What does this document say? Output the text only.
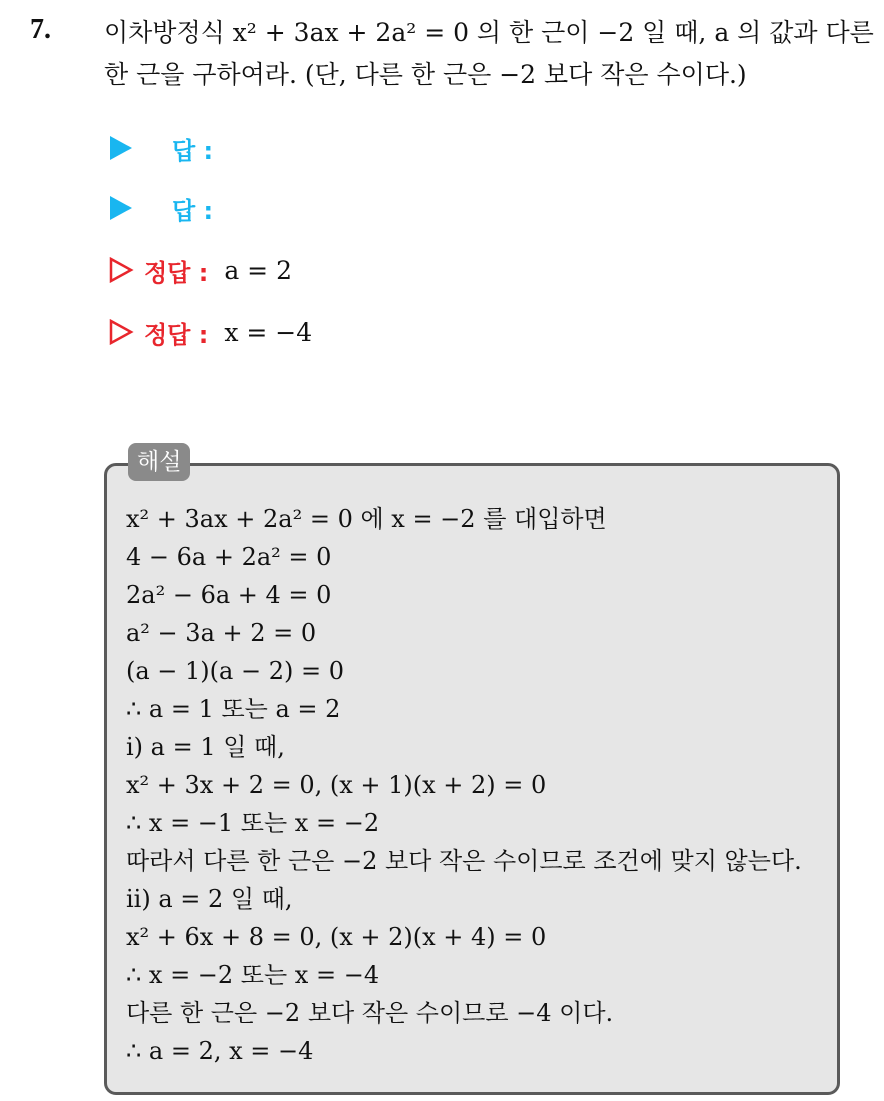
7. 이차방정식 x² + 3ax + 2a² = 0 의 한 근이 −2 일 때, a 의 값과 다른 한 근을 구하여라. (단, 다른 한 근은 −2 보다 작은 수이다.)
답 :
답 :
정답 : a = 2
정답 : x = −4
해설
x² + 3ax + 2a² = 0 에 x = −2 를 대입하면
4 − 6a + 2a² = 0
2a² − 6a + 4 = 0
a² − 3a + 2 = 0
(a − 1)(a − 2) = 0
∴ a = 1 또는 a = 2
i) a = 1 일 때,
x² + 3x + 2 = 0, (x + 1)(x + 2) = 0
∴ x = −1 또는 x = −2
따라서 다른 한 근은 −2 보다 작은 수이므로 조건에 맞지 않는다.
ii) a = 2 일 때,
x² + 6x + 8 = 0, (x + 2)(x + 4) = 0
∴ x = −2 또는 x = −4
다른 한 근은 −2 보다 작은 수이므로 −4 이다.
∴ a = 2, x = −4
